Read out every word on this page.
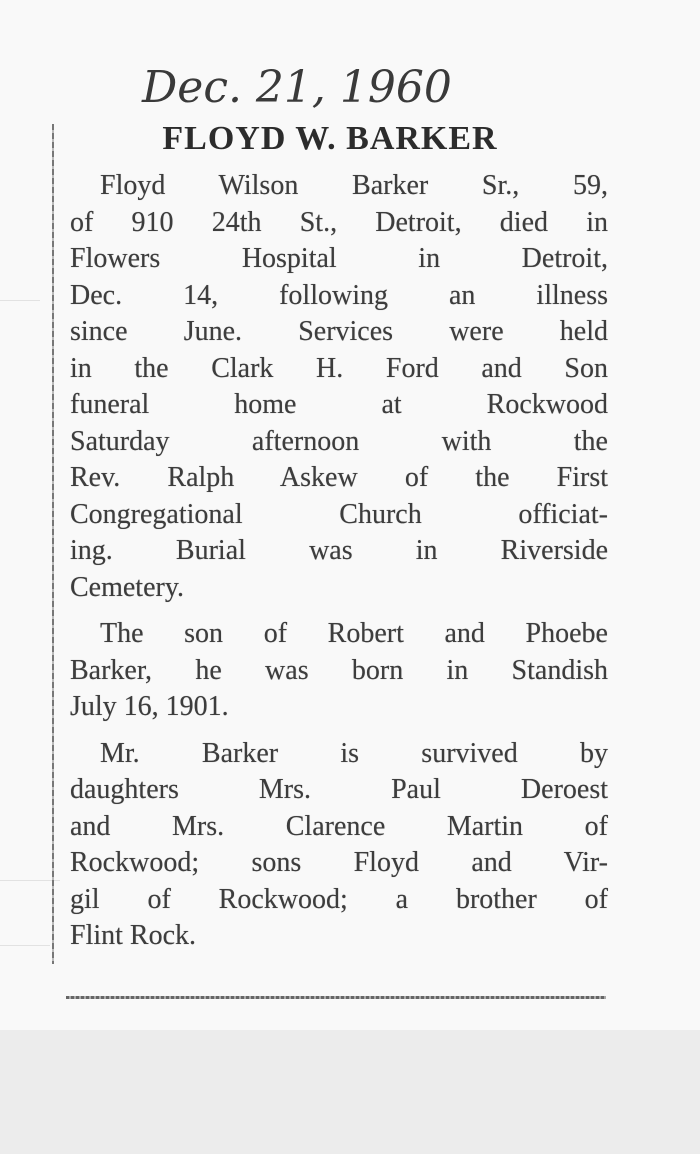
Dec. 21, 1960
FLOYD W. BARKER
Floyd Wilson Barker Sr., 59,
of 910 24th St., Detroit, died in
Flowers Hospital in Detroit,
Dec. 14, following an illness
since June. Services were held
in the Clark H. Ford and Son
funeral home at Rockwood
Saturday afternoon with the
Rev. Ralph Askew of the First
Congregational Church officiat-
ing. Burial was in Riverside
Cemetery.
The son of Robert and Phoebe
Barker, he was born in Standish
July 16, 1901.
Mr. Barker is survived by
daughters Mrs. Paul Deroest
and Mrs. Clarence Martin of
Rockwood; sons Floyd and Vir-
gil of Rockwood; a brother of
Flint Rock.
